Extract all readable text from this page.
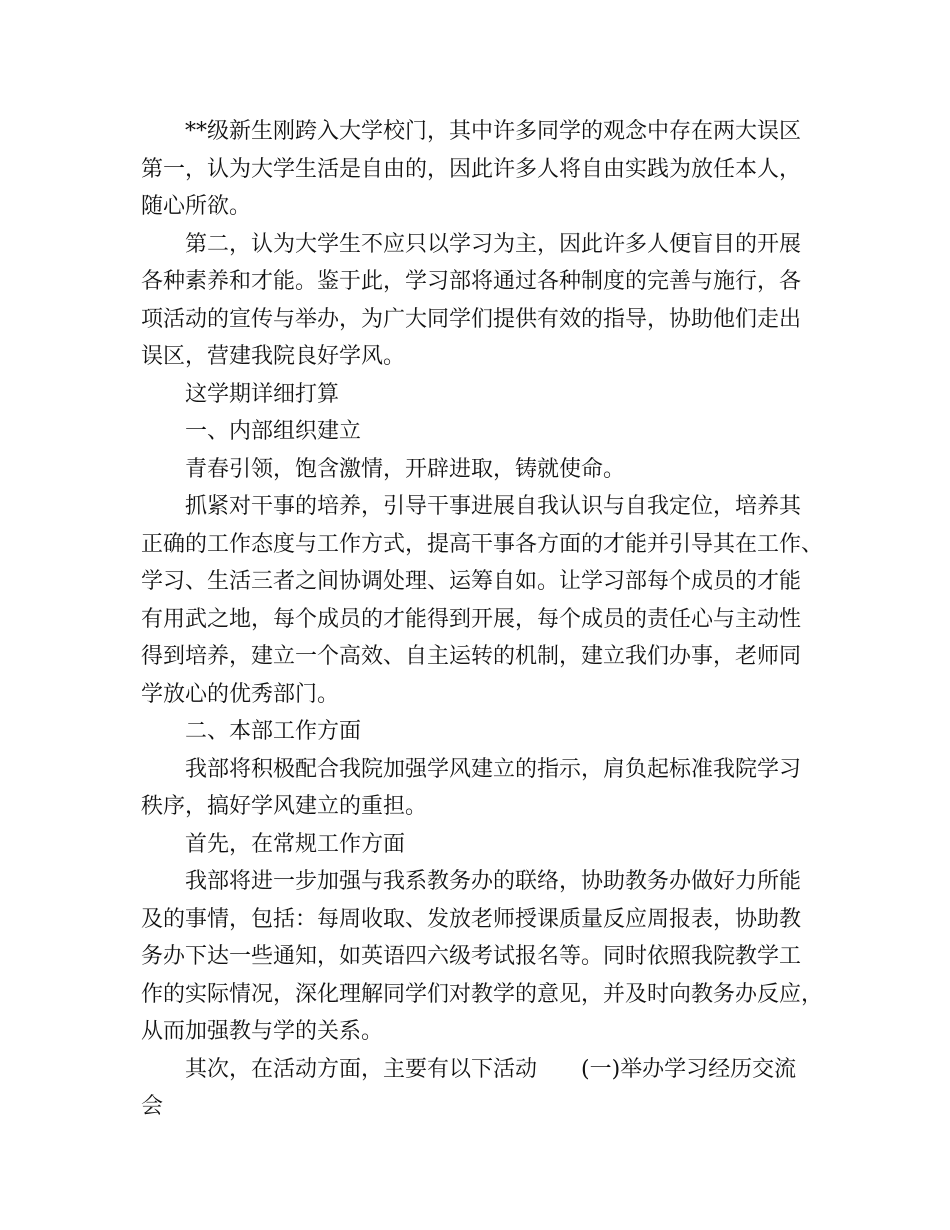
**级新生刚跨入大学校门，其中许多同学的观念中存在两大误区
第一，认为大学生活是自由的，因此许多人将自由实践为放任本人，
随心所欲。
第二，认为大学生不应只以学习为主，因此许多人便盲目的开展
各种素养和才能。鉴于此，学习部将通过各种制度的完善与施行，各
项活动的宣传与举办，为广大同学们提供有效的指导，协助他们走出
误区，营建我院良好学风。
这学期详细打算
一、内部组织建立
青春引领，饱含激情，开辟进取，铸就使命。
抓紧对干事的培养，引导干事进展自我认识与自我定位，培养其
正确的工作态度与工作方式，提高干事各方面的才能并引导其在工作、
学习、生活三者之间协调处理、运筹自如。让学习部每个成员的才能
有用武之地，每个成员的才能得到开展，每个成员的责任心与主动性
得到培养，建立一个高效、自主运转的机制，建立我们办事，老师同
学放心的优秀部门。
二、本部工作方面
我部将积极配合我院加强学风建立的指示，肩负起标准我院学习
秩序，搞好学风建立的重担。
首先，在常规工作方面
我部将进一步加强与我系教务办的联络，协助教务办做好力所能
及的事情，包括：每周收取、发放老师授课质量反应周报表，协助教
务办下达一些通知，如英语四六级考试报名等。同时依照我院教学工
作的实际情况，深化理解同学们对教学的意见，并及时向教务办反应，
从而加强教与学的关系。
其次，在活动方面，主要有以下活动 (一)举办学习经历交流
会
